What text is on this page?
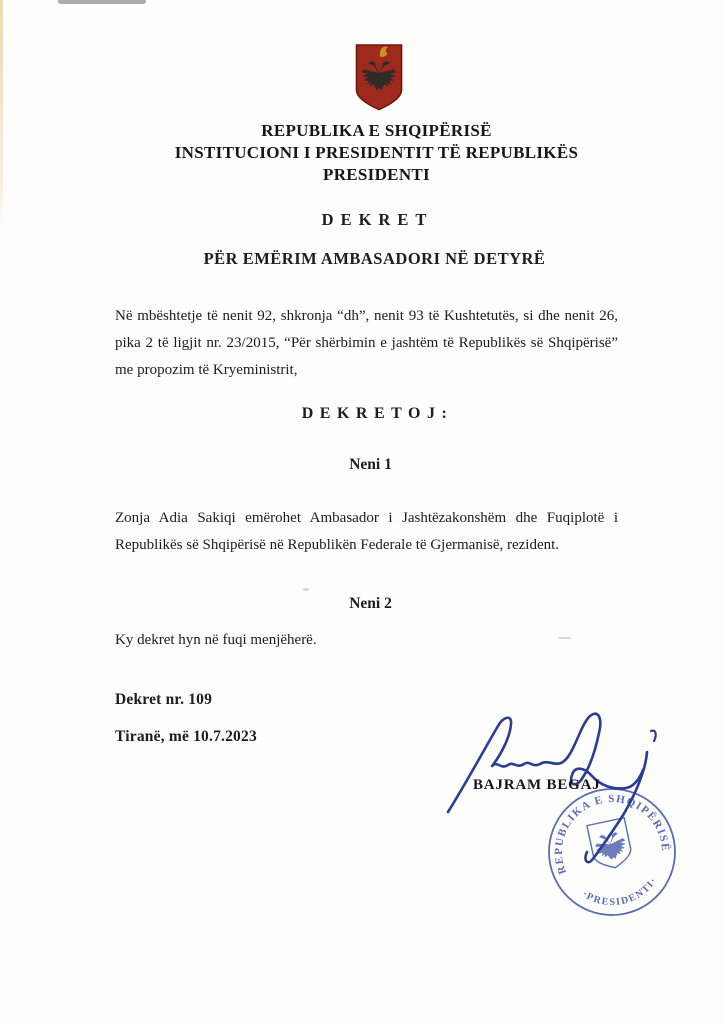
REPUBLIKA E SHQIPËRISË
INSTITUCIONI I PRESIDENTIT TË REPUBLIKËS
PRESIDENTI
DEKRET
PËR EMËRIM AMBASADORI NË DETYRË
Në mbështetje të nenit 92, shkronja “dh”, nenit 93 të Kushtetutës, si dhe nenit 26,
pika 2 të ligjit nr. 23/2015, “Për shërbimin e jashtëm të Republikës së Shqipërisë”
me propozim të Kryeministrit,
DEKRETOJ:
Neni 1
Zonja Adia Sakiqi emërohet Ambasador i Jashtëzakonshëm dhe Fuqiplotë i
Republikës së Shqipërisë në Republikën Federale të Gjermanisë, rezident.
Neni 2
Ky dekret hyn në fuqi menjëherë.
Dekret nr. 109
Tiranë, më 10.7.2023
REPUBLIKA E SHQIPËRISË
·PRESIDENTI·
BAJRAM BEGAJ
